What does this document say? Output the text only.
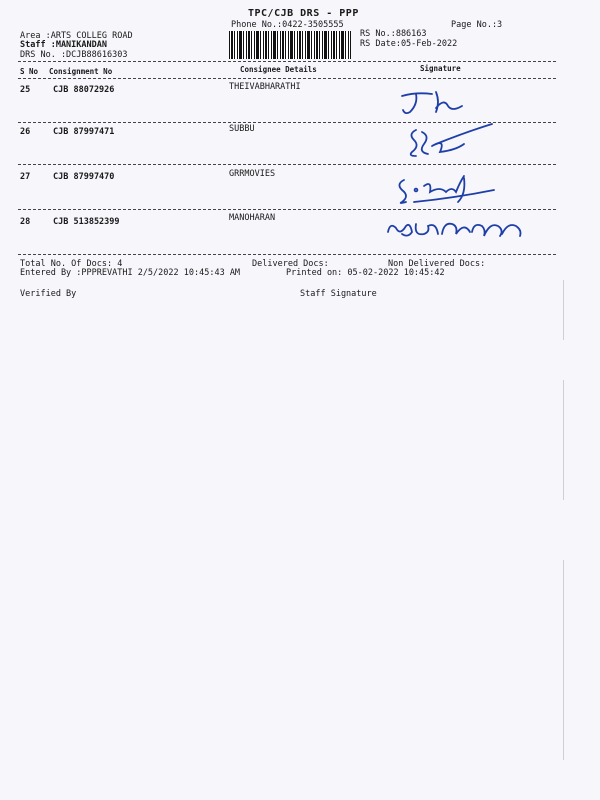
TPC/CJB DRS - PPP
Phone No.:0422-3505555	Page No.:3
Area :ARTS COLLEG ROAD
Staff :MANIKANDAN
DRS No. :DCJB88616303
RS No.:886163
RS Date:05-Feb-2022
S No Consignment No	Consignee Details	Signature
25	CJB 88072926	THEIVABHARATHI
26	CJB 87997471	SUBBU
27	CJB 87997470	GRRMOVIES
28	CJB 513852399	MANOHARAN
Total No. Of Docs: 4	Delivered Docs:	Non Delivered Docs:
Entered By :PPPREVATHI 2/5/2022 10:45:43 AM	Printed on: 05-02-2022 10:45:42
Verified By	Staff Signature
